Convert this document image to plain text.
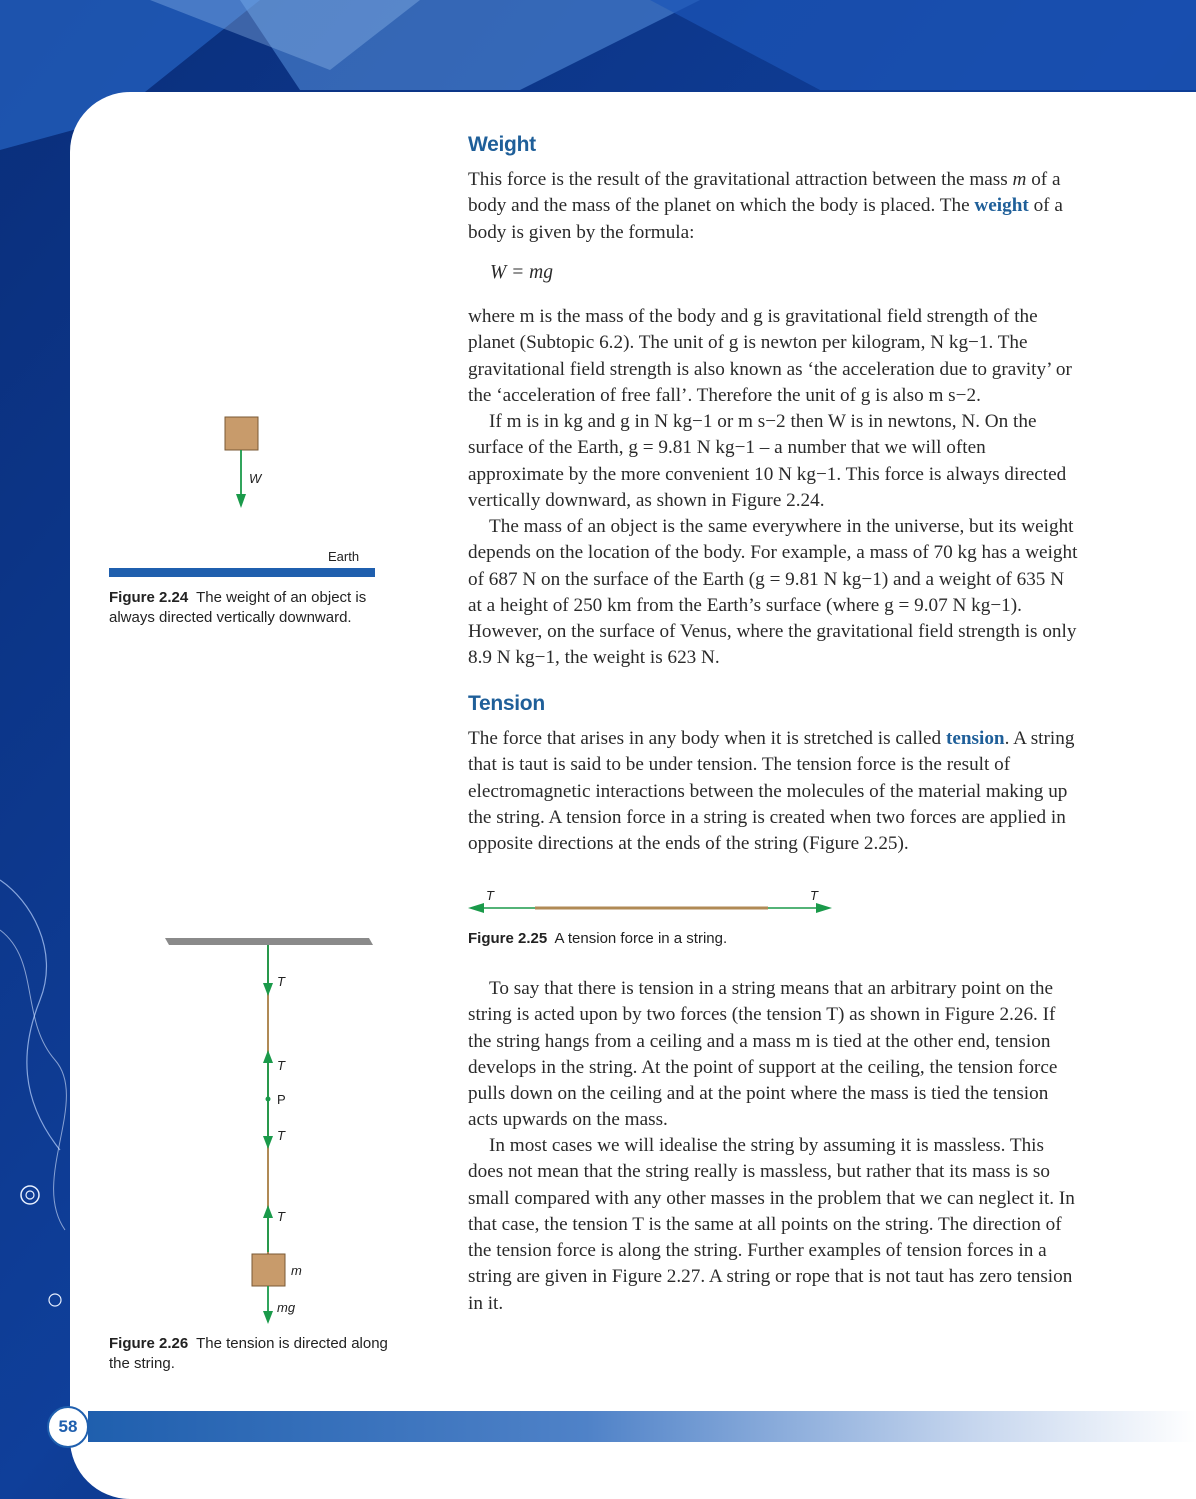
Weight

This force is the result of the gravitational attraction between the mass m of a body and the mass of the planet on which the body is placed. The weight of a body is given by the formula:

W = mg

where m is the mass of the body and g is gravitational field strength of the planet (Subtopic 6.2). The unit of g is newton per kilogram, N kg−1. The gravitational field strength is also known as ‘the acceleration due to gravity’ or the ‘acceleration of free fall’. Therefore the unit of g is also m s−2.

If m is in kg and g in N kg−1 or m s−2 then W is in newtons, N. On the surface of the Earth, g = 9.81 N kg−1 – a number that we will often approximate by the more convenient 10 N kg−1. This force is always directed vertically downward, as shown in Figure 2.24.

The mass of an object is the same everywhere in the universe, but its weight depends on the location of the body. For example, a mass of 70 kg has a weight of 687 N on the surface of the Earth (g = 9.81 N kg−1) and a weight of 635 N at a height of 250 km from the Earth’s surface (where g = 9.07 N kg−1). However, on the surface of Venus, where the gravitational field strength is only 8.9 N kg−1, the weight is 623 N.

Tension

The force that arises in any body when it is stretched is called tension. A string that is taut is said to be under tension. The tension force is the result of electromagnetic interactions between the molecules of the material making up the string. A tension force in a string is created when two forces are applied in opposite directions at the ends of the string (Figure 2.25).

T	T

Figure 2.25 A tension force in a string.

To say that there is tension in a string means that an arbitrary point on the string is acted upon by two forces (the tension T) as shown in Figure 2.26. If the string hangs from a ceiling and a mass m is tied at the other end, tension develops in the string. At the point of support at the ceiling, the tension force pulls down on the ceiling and at the point where the mass is tied the tension acts upwards on the mass.

In most cases we will idealise the string by assuming it is massless. This does not mean that the string really is massless, but rather that its mass is so small compared with any other masses in the problem that we can neglect it. In that case, the tension T is the same at all points on the string. The direction of the tension force is along the string. Further examples of tension forces in a string are given in Figure 2.27. A string or rope that is not taut has zero tension in it.

W
Earth

Figure 2.24 The weight of an object is always directed vertically downward.

T
T
P
T
T
m
mg

Figure 2.26 The tension is directed along the string.

58
